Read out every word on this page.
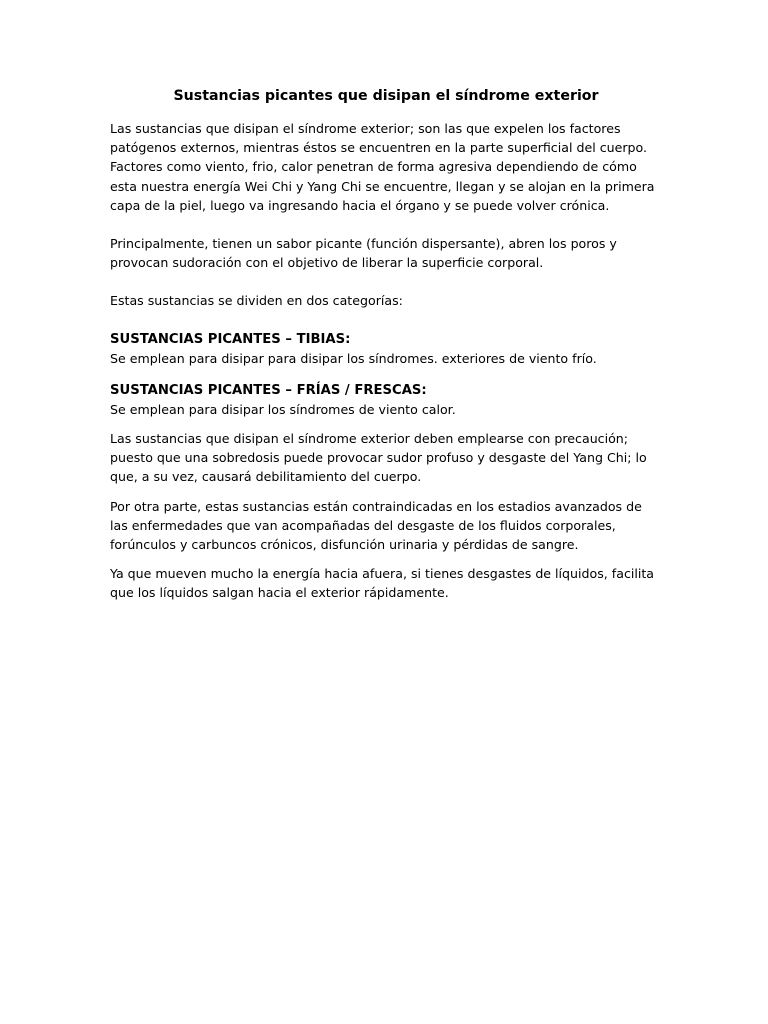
Sustancias picantes que disipan el síndrome exterior

Las sustancias que disipan el síndrome exterior; son las que expelen los factores patógenos externos, mientras éstos se encuentren en la parte superficial del cuerpo. Factores como viento, frio, calor penetran de forma agresiva dependiendo de cómo esta nuestra energía Wei Chi y Yang Chi se encuentre, llegan y se alojan en la primera capa de la piel, luego va ingresando hacia el órgano y se puede volver crónica.

Principalmente, tienen un sabor picante (función dispersante), abren los poros y provocan sudoración con el objetivo de liberar la superficie corporal.

Estas sustancias se dividen en dos categorías:

SUSTANCIAS PICANTES – TIBIAS:

Se emplean para disipar para disipar los síndromes. exteriores de viento frío.

SUSTANCIAS PICANTES – FRÍAS / FRESCAS:

Se emplean para disipar los síndromes de viento calor.

Las sustancias que disipan el síndrome exterior deben emplearse con precaución; puesto que una sobredosis puede provocar sudor profuso y desgaste del Yang Chi; lo que, a su vez, causará debilitamiento del cuerpo.

Por otra parte, estas sustancias están contraindicadas en los estadios avanzados de las enfermedades que van acompañadas del desgaste de los fluidos corporales, forúnculos y carbuncos crónicos, disfunción urinaria y pérdidas de sangre.

Ya que mueven mucho la energía hacia afuera, si tienes desgastes de líquidos, facilita que los líquidos salgan hacia el exterior rápidamente.
